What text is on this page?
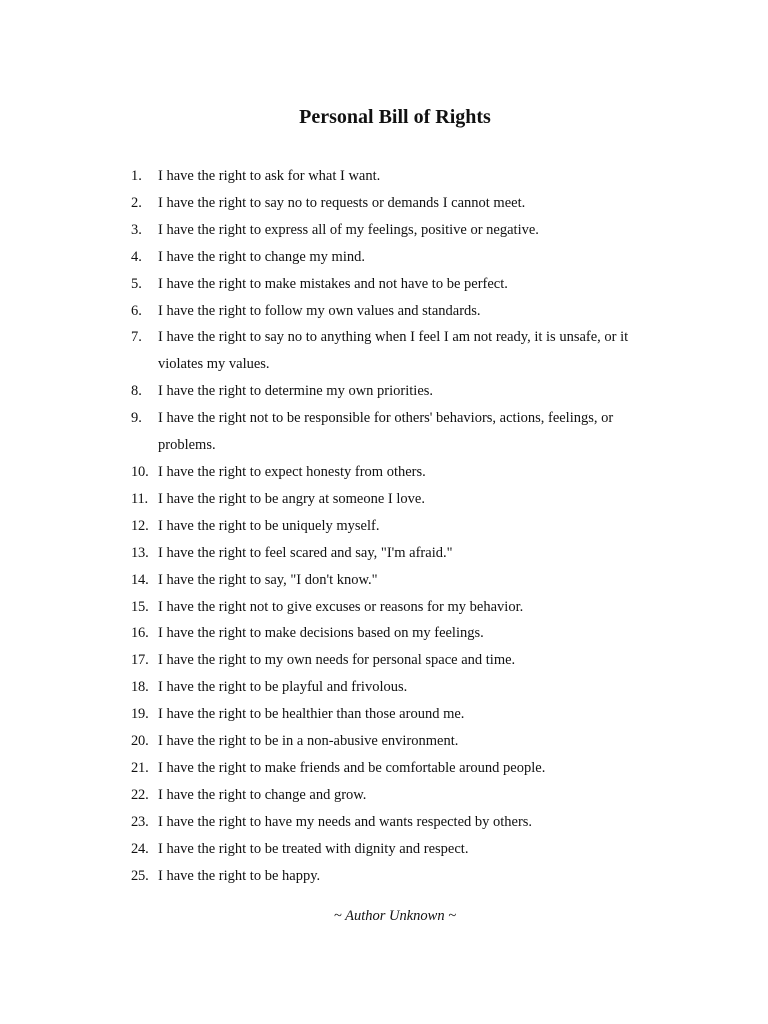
Personal Bill of Rights
1.	I have the right to ask for what I want.
2.	I have the right to say no to requests or demands I cannot meet.
3.	I have the right to express all of my feelings, positive or negative.
4.	I have the right to change my mind.
5.	I have the right to make mistakes and not have to be perfect.
6.	I have the right to follow my own values and standards.
7.	I have the right to say no to anything when I feel I am not ready, it is unsafe, or it violates my values.
8.	I have the right to determine my own priorities.
9.	I have the right not to be responsible for others' behaviors, actions, feelings, or problems.
10. I have the right to expect honesty from others.
11. I have the right to be angry at someone I love.
12. I have the right to be uniquely myself.
13. I have the right to feel scared and say, "I'm afraid."
14. I have the right to say, "I don't know."
15. I have the right not to give excuses or reasons for my behavior.
16. I have the right to make decisions based on my feelings.
17. I have the right to my own needs for personal space and time.
18. I have the right to be playful and frivolous.
19. I have the right to be healthier than those around me.
20. I have the right to be in a non-abusive environment.
21. I have the right to make friends and be comfortable around people.
22. I have the right to change and grow.
23. I have the right to have my needs and wants respected by others.
24. I have the right to be treated with dignity and respect.
25. I have the right to be happy.

~ Author Unknown ~
